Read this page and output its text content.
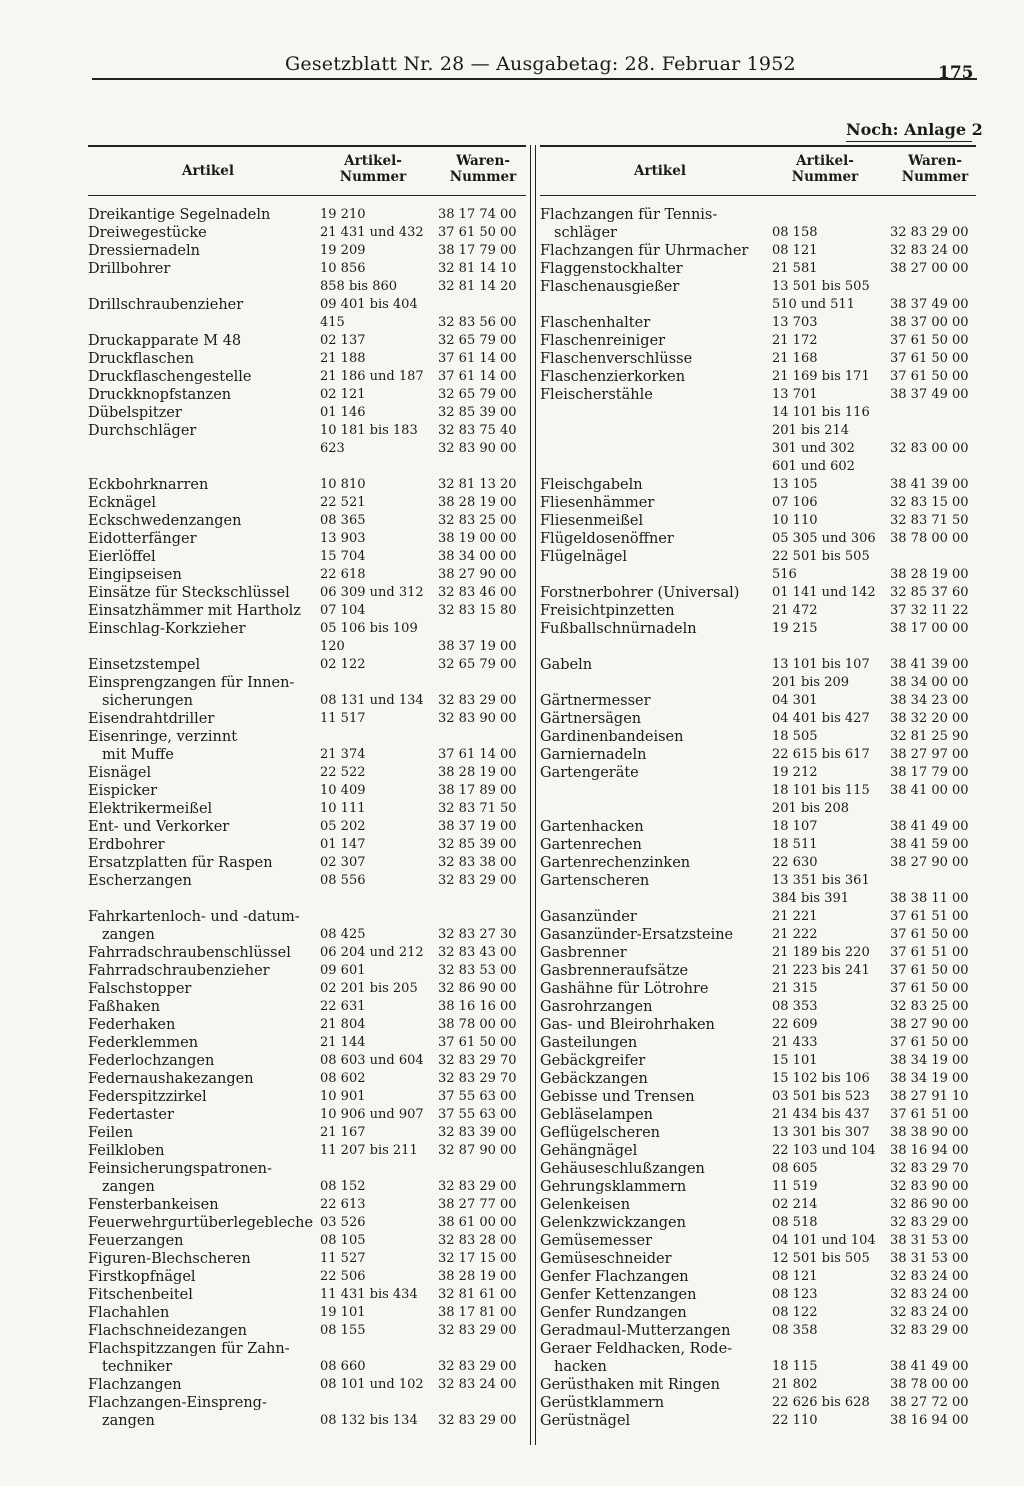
Gesetzblatt Nr. 28 — Ausgabetag: 28. Februar 1952	175
Noch: Anlage 2
Artikel
Artikel-
Nummer
Waren-
Nummer
Dreikantige Segelnadeln	19 210	38 17 74 00
Dreiwegestücke	21 431 und 432 37 61 50 00
Dressiernadeln	19 209	38 17 79 00
Drillbohrer	10 856	32 81 14 10
858 bis 860	32 81 14 20
Drillschraubenzieher	09 401 bis 404
415	32 83 56 00
Druckapparate M 48	02 137	32 65 79 00
Druckflaschen	21 188	37 61 14 00
Druckflaschengestelle	21 186 und 187 37 61 14 00
Druckknopfstanzen	02 121	32 65 79 00
Dübelspitzer	01 146	32 85 39 00
Durchschläger	10 181 bis 183 32 83 75 40
623	32 83 90 00
Eckbohrknarren	10 810	32 81 13 20
Ecknägel	22 521	38 28 19 00
Eckschwedenzangen	08 365	32 83 25 00
Eidotterfänger	13 903	38 19 00 00
Eierlöffel	15 704	38 34 00 00
Eingipseisen	22 618	38 27 90 00
Einsätze für Steckschlüssel 06 309 und 312 32 83 46 00
Einsatzhämmer mit Hartholz 07 104	32 83 15 80
Einschlag-Korkzieher	05 106 bis 109
120	38 37 19 00
Einsetzstempel	02 122	32 65 79 00
Einsprengzangen für Innen-
sicherungen	08 131 und 134 32 83 29 00
Eisendrahtdriller	11 517	32 83 90 00
Eisenringe, verzinnt
mit Muffe	21 374	37 61 14 00
Eisnägel	22 522	38 28 19 00
Eispicker	10 409	38 17 89 00
Elektrikermeißel	10 111	32 83 71 50
Ent- und Verkorker	05 202	38 37 19 00
Erdbohrer	01 147	32 85 39 00
Ersatzplatten für Raspen	02 307	32 83 38 00
Escherzangen	08 556	32 83 29 00
Fahrkartenloch- und -datum-
zangen	08 425	32 83 27 30
Fahrradschraubenschlüssel 06 204 und 212 32 83 43 00
Fahrradschraubenzieher	09 601	32 83 53 00
Falschstopper	02 201 bis 205 32 86 90 00
Faßhaken	22 631	38 16 16 00
Federhaken	21 804	38 78 00 00
Federklemmen	21 144	37 61 50 00
Federlochzangen	08 603 und 604 32 83 29 70
Federnaushakezangen	08 602	32 83 29 70
Federspitzzirkel	10 901	37 55 63 00
Federtaster	10 906 und 907 37 55 63 00
Feilen	21 167	32 83 39 00
Feilkloben	11 207 bis 211 32 87 90 00
Feinsicherungspatronen-
zangen	08 152	32 83 29 00
Fensterbankeisen	22 613	38 27 77 00
Feuerwehrgurtüberlegebleche 03 526	38 61 00 00
Feuerzangen	08 105	32 83 28 00
Figuren-Blechscheren	11 527	32 17 15 00
Firstkopfnägel	22 506	38 28 19 00
Fitschenbeitel	11 431 bis 434 32 81 61 00
Flachahlen	19 101	38 17 81 00
Flachschneidezangen	08 155	32 83 29 00
Flachspitzzangen für Zahn-
techniker	08 660	32 83 29 00
Flachzangen	08 101 und 102 32 83 24 00
Flachzangen-Einspreng-
zangen	08 132 bis 134 32 83 29 00
Artikel
Artikel-
Nummer
Waren-
Nummer
Flachzangen für Tennis-
schläger	08 158	32 83 29 00
Flachzangen für Uhrmacher 08 121	32 83 24 00
Flaggenstockhalter	21 581	38 27 00 00
Flaschenausgießer	13 501 bis 505
510 und 511	38 37 49 00
Flaschenhalter	13 703	38 37 00 00
Flaschenreiniger	21 172	37 61 50 00
Flaschenverschlüsse	21 168	37 61 50 00
Flaschenzierkorken	21 169 bis 171 37 61 50 00
Fleischerstähle	13 701	38 37 49 00
14 101 bis 116
201 bis 214
301 und 302	32 83 00 00
601 und 602
Fleischgabeln	13 105	38 41 39 00
Fliesenhämmer	07 106	32 83 15 00
Fliesenmeißel	10 110	32 83 71 50
Flügeldosenöffner	05 305 und 306 38 78 00 00
Flügelnägel	22 501 bis 505
516	38 28 19 00
Forstnerbohrer (Universal)	01 141 und 142 32 85 37 60
Freisichtpinzetten	21 472	37 32 11 22
Fußballschnürnadeln	19 215	38 17 00 00
Gabeln	13 101 bis 107 38 41 39 00
201 bis 209	38 34 00 00
Gärtnermesser	04 301	38 34 23 00
Gärtnersägen	04 401 bis 427 38 32 20 00
Gardinenbandeisen	18 505	32 81 25 90
Garniernadeln	22 615 bis 617 38 27 97 00
Gartengeräte	19 212	38 17 79 00
18 101 bis 115 38 41 00 00
201 bis 208
Gartenhacken	18 107	38 41 49 00
Gartenrechen	18 511	38 41 59 00
Gartenrechenzinken	22 630	38 27 90 00
Gartenscheren	13 351 bis 361
384 bis 391	38 38 11 00
Gasanzünder	21 221	37 61 51 00
Gasanzünder-Ersatzsteine	21 222	37 61 50 00
Gasbrenner	21 189 bis 220 37 61 51 00
Gasbrenneraufsätze	21 223 bis 241 37 61 50 00
Gashähne für Lötrohre	21 315	37 61 50 00
Gasrohrzangen	08 353	32 83 25 00
Gas- und Bleirohrhaken	22 609	38 27 90 00
Gasteilungen	21 433	37 61 50 00
Gebäckgreifer	15 101	38 34 19 00
Gebäckzangen	15 102 bis 106 38 34 19 00
Gebisse und Trensen	03 501 bis 523 38 27 91 10
Gebläselampen	21 434 bis 437 37 61 51 00
Geflügelscheren	13 301 bis 307 38 38 90 00
Gehängnägel	22 103 und 104 38 16 94 00
Gehäuseschlußzangen	08 605	32 83 29 70
Gehrungsklammern	11 519	32 83 90 00
Gelenkeisen	02 214	32 86 90 00
Gelenkzwickzangen	08 518	32 83 29 00
Gemüsemesser	04 101 und 104 38 31 53 00
Gemüseschneider	12 501 bis 505 38 31 53 00
Genfer Flachzangen	08 121	32 83 24 00
Genfer Kettenzangen	08 123	32 83 24 00
Genfer Rundzangen	08 122	32 83 24 00
Geradmaul-Mutterzangen	08 358	32 83 29 00
Geraer Feldhacken, Rode-
hacken	18 115	38 41 49 00
Gerüsthaken mit Ringen	21 802	38 78 00 00
Gerüstklammern	22 626 bis 628 38 27 72 00
Gerüstnägel	22 110	38 16 94 00
